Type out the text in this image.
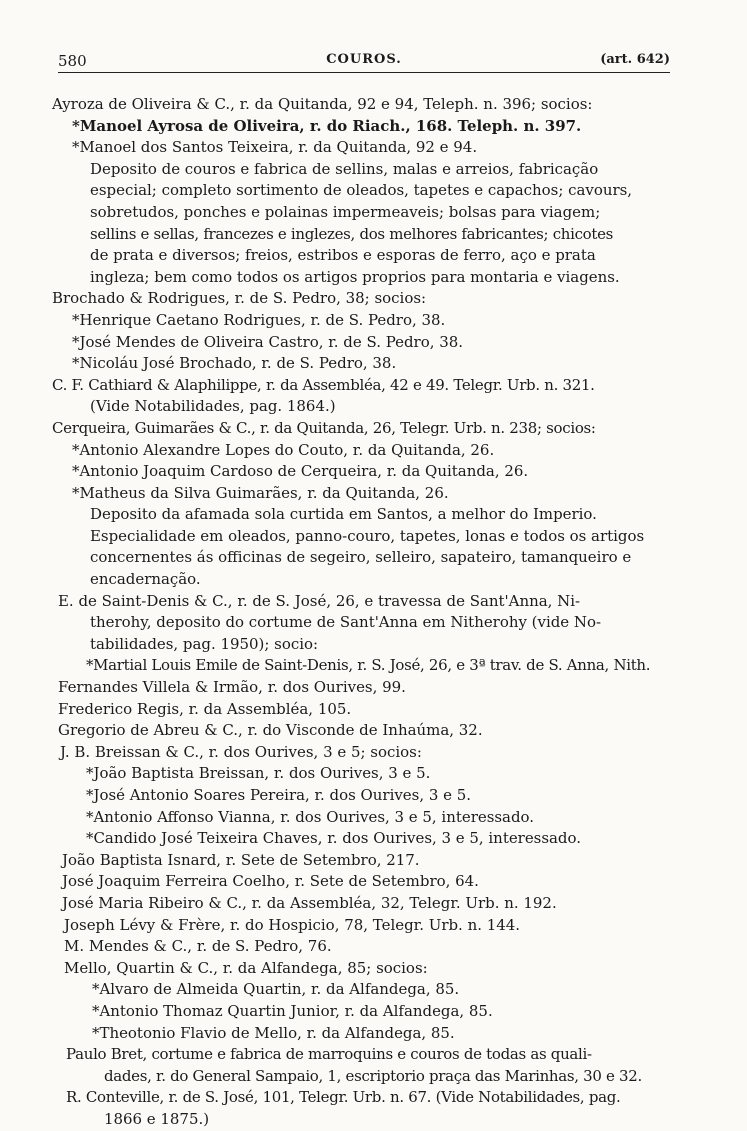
580	COUROS.	(art. 642)
Ayroza de Oliveira & C., r. da Quitanda, 92 e 94, Teleph. n. 396; socios:
*Manoel Ayrosa de Oliveira, r. do Riach., 168. Teleph. n. 397.
*Manoel dos Santos Teixeira, r. da Quitanda, 92 e 94.
Deposito de couros e fabrica de sellins, malas e arreios, fabricação
especial; completo sortimento de oleados, tapetes e capachos; cavours,
sobretudos, ponches e polainas impermeaveis; bolsas para viagem;
sellins e sellas, francezes e inglezes, dos melhores fabricantes; chicotes
de prata e diversos; freios, estribos e esporas de ferro, aço e prata
ingleza; bem como todos os artigos proprios para montaria e viagens.
Brochado & Rodrigues, r. de S. Pedro, 38; socios:
*Henrique Caetano Rodrigues, r. de S. Pedro, 38.
*José Mendes de Oliveira Castro, r. de S. Pedro, 38.
*Nicoláu José Brochado, r. de S. Pedro, 38.
C. F. Cathiard & Alaphilippe, r. da Assembléa, 42 e 49. Telegr. Urb. n. 321.
(Vide Notabilidades, pag. 1864.)
Cerqueira, Guimarães & C., r. da Quitanda, 26, Telegr. Urb. n. 238; socios:
*Antonio Alexandre Lopes do Couto, r. da Quitanda, 26.
*Antonio Joaquim Cardoso de Cerqueira, r. da Quitanda, 26.
*Matheus da Silva Guimarães, r. da Quitanda, 26.
Deposito da afamada sola curtida em Santos, a melhor do Imperio.
Especialidade em oleados, panno-couro, tapetes, lonas e todos os artigos
concernentes ás officinas de segeiro, selleiro, sapateiro, tamanqueiro e
encadernação.
E. de Saint-Denis & C., r. de S. José, 26, e travessa de Sant'Anna, Ni-
therohy, deposito do cortume de Sant'Anna em Nitherohy (vide No-
tabilidades, pag. 1950); socio:
*Martial Louis Emile de Saint-Denis, r. S. José, 26, e 3ª trav. de S. Anna, Nith.
Fernandes Villela & Irmão, r. dos Ourives, 99.
Frederico Regis, r. da Assembléa, 105.
Gregorio de Abreu & C., r. do Visconde de Inhaúma, 32.
J. B. Breissan & C., r. dos Ourives, 3 e 5; socios:
*João Baptista Breissan, r. dos Ourives, 3 e 5.
*José Antonio Soares Pereira, r. dos Ourives, 3 e 5.
*Antonio Affonso Vianna, r. dos Ourives, 3 e 5, interessado.
*Candido José Teixeira Chaves, r. dos Ourives, 3 e 5, interessado.
João Baptista Isnard, r. Sete de Setembro, 217.
José Joaquim Ferreira Coelho, r. Sete de Setembro, 64.
José Maria Ribeiro & C., r. da Assembléa, 32, Telegr. Urb. n. 192.
Joseph Lévy & Frère, r. do Hospicio, 78, Telegr. Urb. n. 144.
M. Mendes & C., r. de S. Pedro, 76.
Mello, Quartin & C., r. da Alfandega, 85; socios:
*Alvaro de Almeida Quartin, r. da Alfandega, 85.
*Antonio Thomaz Quartin Junior, r. da Alfandega, 85.
*Theotonio Flavio de Mello, r. da Alfandega, 85.
Paulo Bret, cortume e fabrica de marroquins e couros de todas as quali-
dades, r. do General Sampaio, 1, escriptorio praça das Marinhas, 30 e 32.
R. Conteville, r. de S. José, 101, Telegr. Urb. n. 67. (Vide Notabilidades, pag.
1866 e 1875.)
